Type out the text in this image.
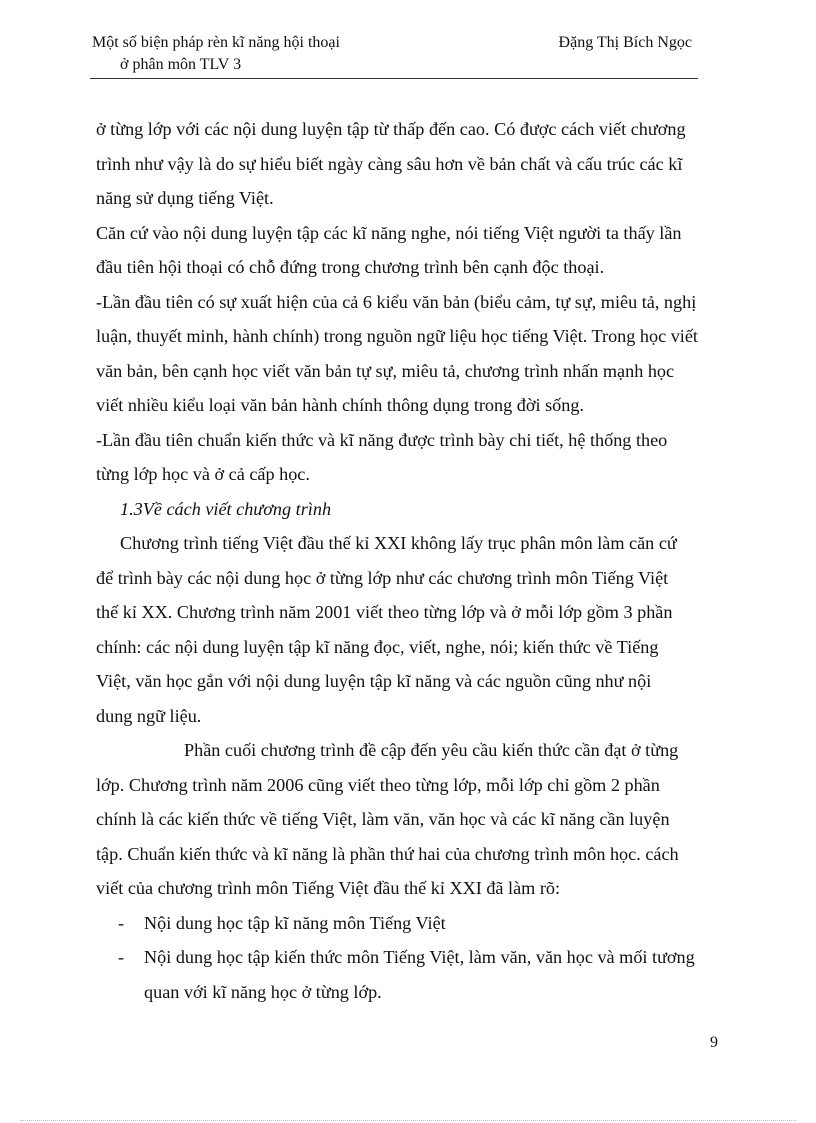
Một số biện pháp rèn kĩ năng hội thoại
ở phân môn TLV 3
Đặng Thị Bích Ngọc

ở từng lớp với các nội dung luyện tập từ thấp đến cao. Có được cách viết chương

trình như vậy là do sự hiểu biết ngày càng sâu hơn về bản chất và cấu trúc các kĩ

năng sử dụng tiếng Việt.

Căn cứ vào nội dung luyện tập các kĩ năng nghe, nói tiếng Việt người ta thấy lần

đầu tiên hội thoại có chỗ đứng trong chương trình bên cạnh độc thoại.

-Lần đầu tiên có sự xuất hiện của cả 6 kiểu văn bản (biểu cảm, tự sự, miêu tả, nghị

luận, thuyết minh, hành chính) trong nguồn ngữ liệu học tiếng Việt. Trong học viết

văn bản, bên cạnh học viết văn bản tự sự, miêu tả, chương trình nhấn mạnh học

viết nhiều kiểu loại văn bản hành chính thông dụng trong đời sống.

-Lần đầu tiên chuẩn kiến thức và kĩ năng được trình bày chi tiết, hệ thống theo

từng lớp học và ở cả cấp học.

1.3Về cách viết chương trình

Chương trình tiếng Việt đầu thế kỉ XXI không lấy trục phân môn làm căn cứ

để trình bày các nội dung học ở từng lớp như các chương trình môn Tiếng Việt

thế kỉ XX. Chương trình năm 2001 viết theo từng lớp và ở mỗi lớp gồm 3 phần

chính: các nội dung luyện tập kĩ năng đọc, viết, nghe, nói; kiến thức về Tiếng

Việt, văn học gắn với nội dung luyện tập kĩ năng và các nguồn cũng như nội

dung ngữ liệu.

Phần cuối chương trình đề cập đến yêu cầu kiến thức cần đạt ở từng

lớp. Chương trình năm 2006 cũng viết theo từng lớp, mỗi lớp chỉ gồm 2 phần

chính là các kiến thức về tiếng Việt, làm văn, văn học và các kĩ năng cần luyện

tập. Chuẩn kiến thức và kĩ năng là phần thứ hai của chương trình môn học. cách

viết của chương trình môn Tiếng Việt đầu thế kỉ XXI đã làm rõ:

- Nội dung học tập kĩ năng môn Tiếng Việt

- Nội dung học tập kiến thức môn Tiếng Việt, làm văn, văn học và mối tương

quan với kĩ năng học ở từng lớp.

9
